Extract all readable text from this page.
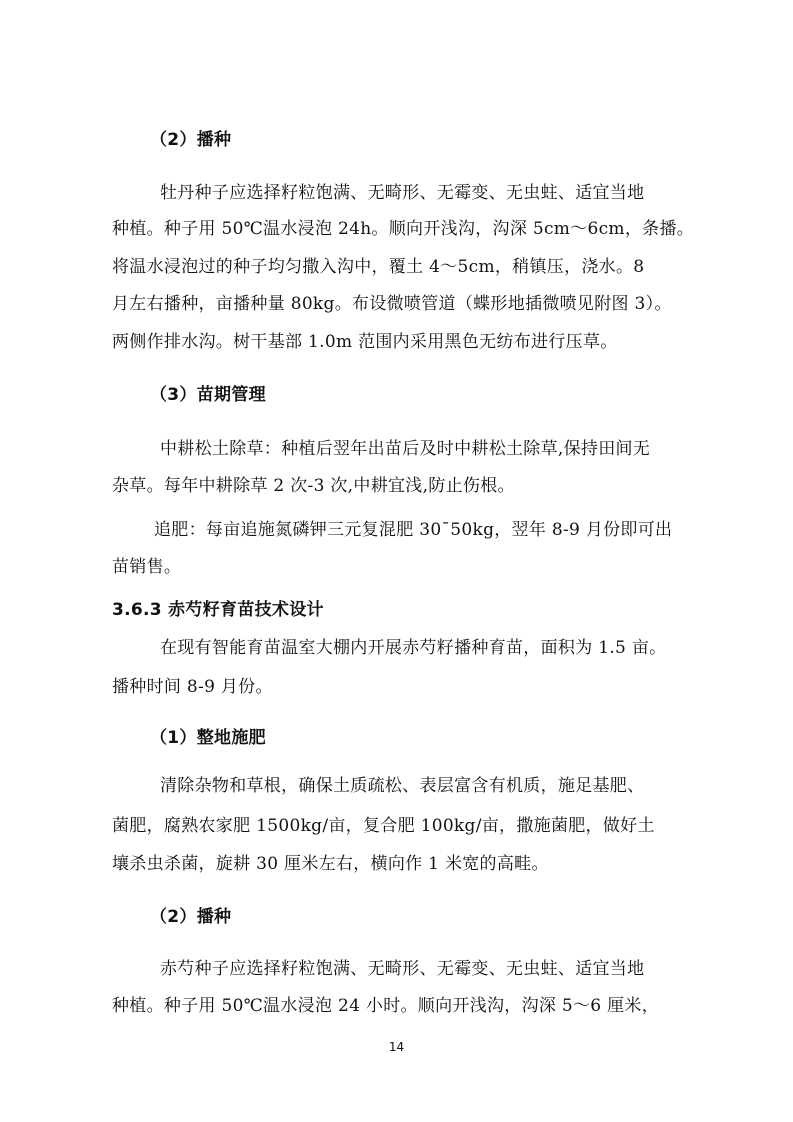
（2）播种
牡丹种子应选择籽粒饱满、无畸形、无霉变、无虫蛀、适宜当地
种植。种子用 50℃温水浸泡 24h。顺向开浅沟，沟深 5cm～6cm，条播。
将温水浸泡过的种子均匀撒入沟中，覆土 4～5cm，稍镇压，浇水。8
月左右播种，亩播种量 80kg。布设微喷管道（蝶形地插微喷见附图 3）。
两侧作排水沟。树干基部 1.0m 范围内采用黑色无纺布进行压草。
（3）苗期管理
中耕松土除草：种植后翌年出苗后及时中耕松土除草,保持田间无
杂草。每年中耕除草 2 次-3 次,中耕宜浅,防止伤根。
追肥：每亩追施氮磷钾三元复混肥 30¯50kg，翌年 8-9 月份即可出
苗销售。
3.6.3 赤芍籽育苗技术设计
在现有智能育苗温室大棚内开展赤芍籽播种育苗，面积为 1.5 亩。
播种时间 8-9 月份。
（1）整地施肥
清除杂物和草根，确保土质疏松、表层富含有机质，施足基肥、
菌肥，腐熟农家肥 1500kg/亩，复合肥 100kg/亩，撒施菌肥，做好土
壤杀虫杀菌，旋耕 30 厘米左右，横向作 1 米宽的高畦。
（2）播种
赤芍种子应选择籽粒饱满、无畸形、无霉变、无虫蛀、适宜当地
种植。种子用 50℃温水浸泡 24 小时。顺向开浅沟，沟深 5～6 厘米，
14
